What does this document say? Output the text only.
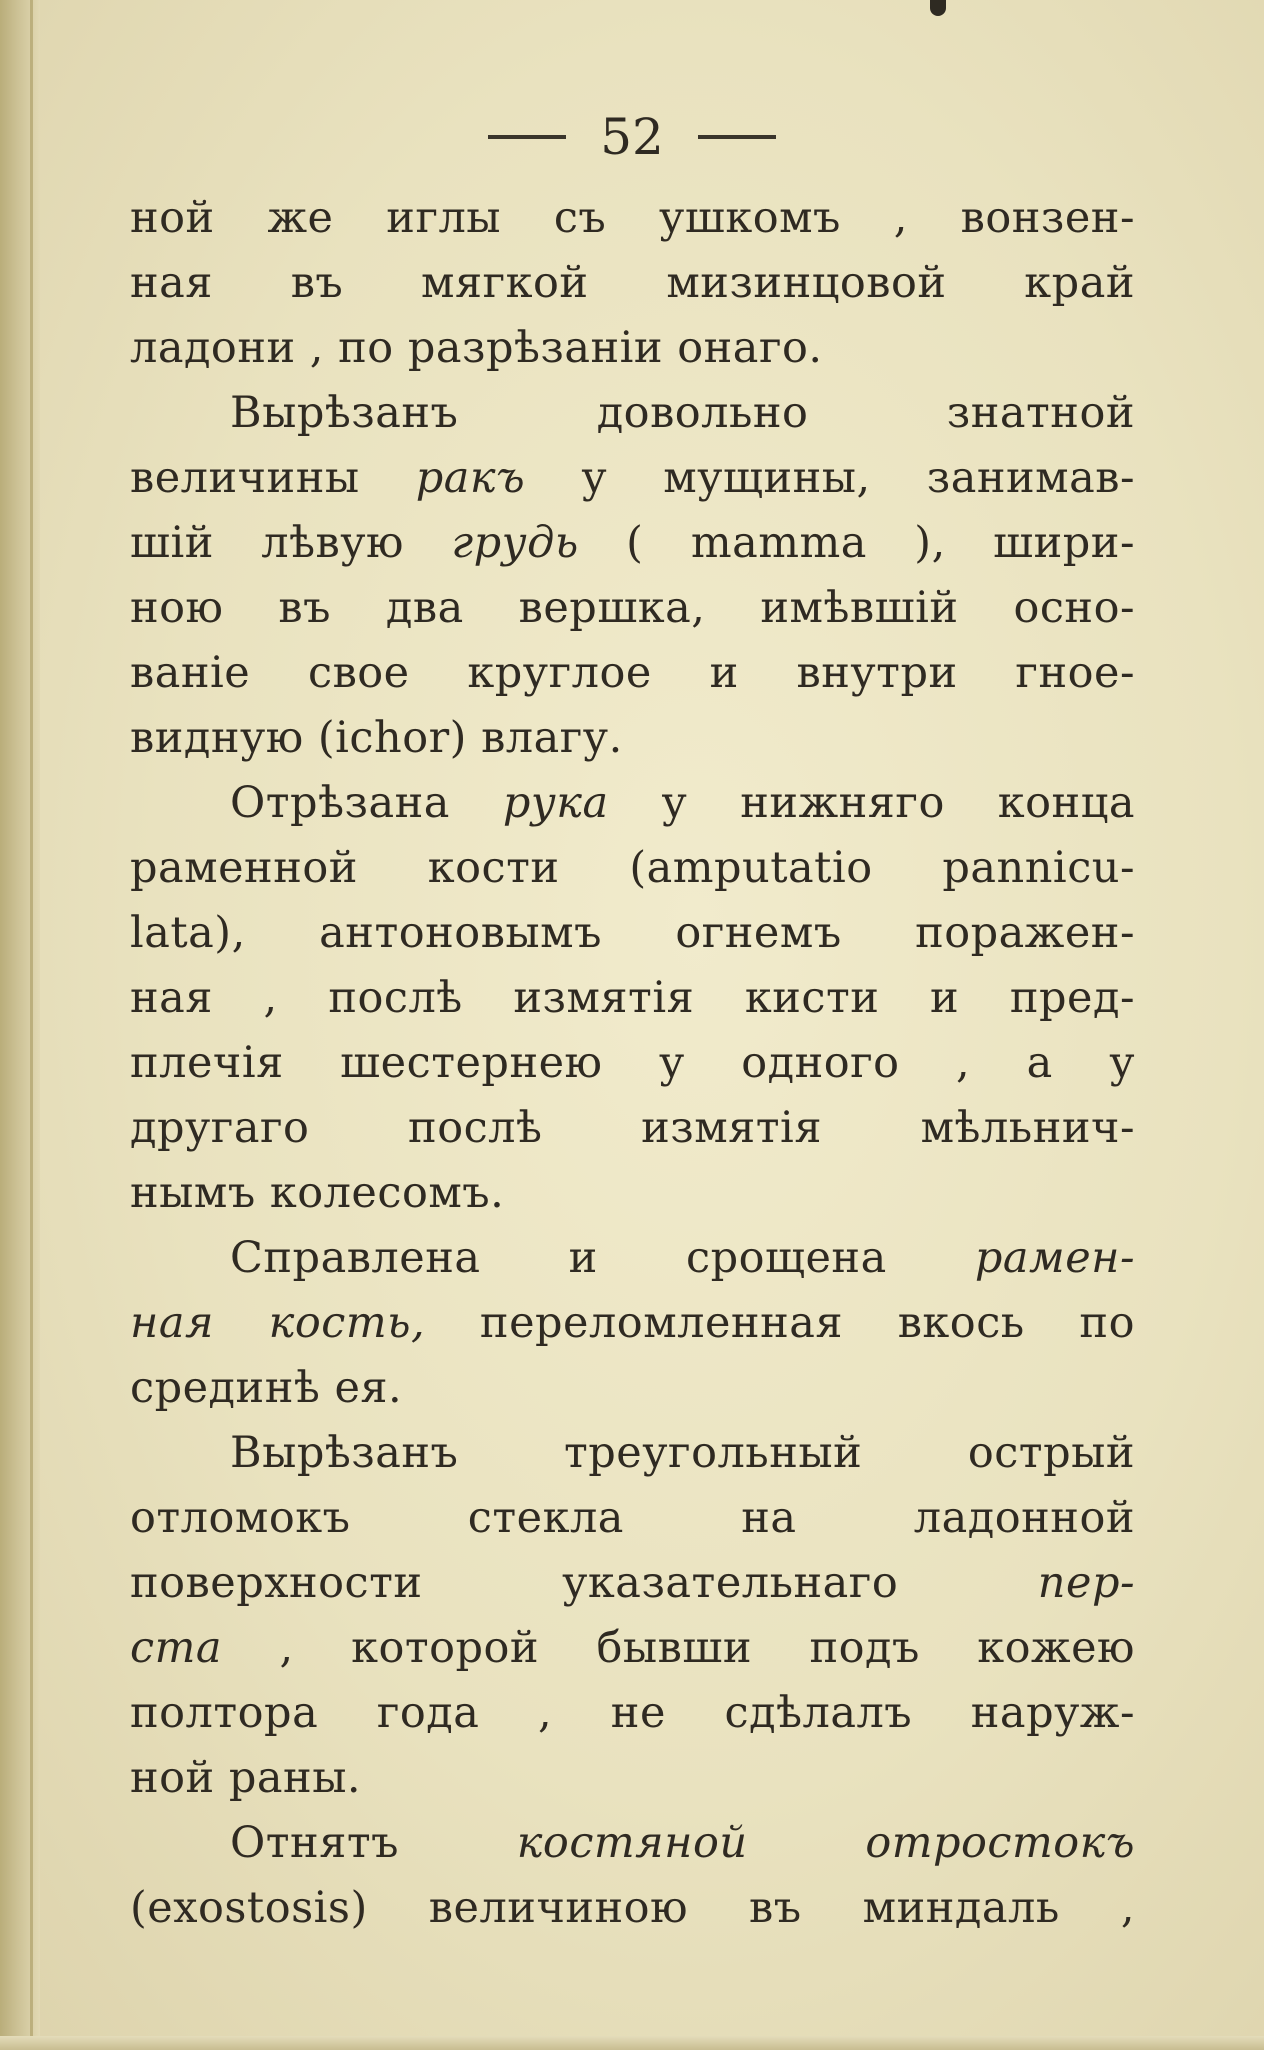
52
ной же иглы съ ушкомъ , вонзен-
ная въ мягкой мизинцовой край
ладони , по разрѣзаніи онаго.
Вырѣзанъ довольно знатной
величины ракъ у мущины, занимав-
шій лѣвую грудь ( mamma ), шири-
ною въ два вершка, имѣвшій осно-
ваніе свое круглое и внутри гное-
видную (ichor) влагу.
Отрѣзана рука у нижняго конца
раменной кости (amputatio pannicu-
lata), антоновымъ огнемъ поражен-
ная , послѣ измятія кисти и пред-
плечія шестернею у одного , а у
другаго послѣ измятія мѣльнич-
нымъ колесомъ.
Справлена и срощена рамен-
ная кость, переломленная вкось по
срединѣ ея.
Вырѣзанъ треугольный острый
отломокъ стекла на ладонной
поверхности указательнаго пер-
ста , которой бывши подъ кожею
полтора года , не сдѣлалъ наруж-
ной раны.
Отнятъ костяной отростокъ
(exostosis) величиною въ миндаль ,
